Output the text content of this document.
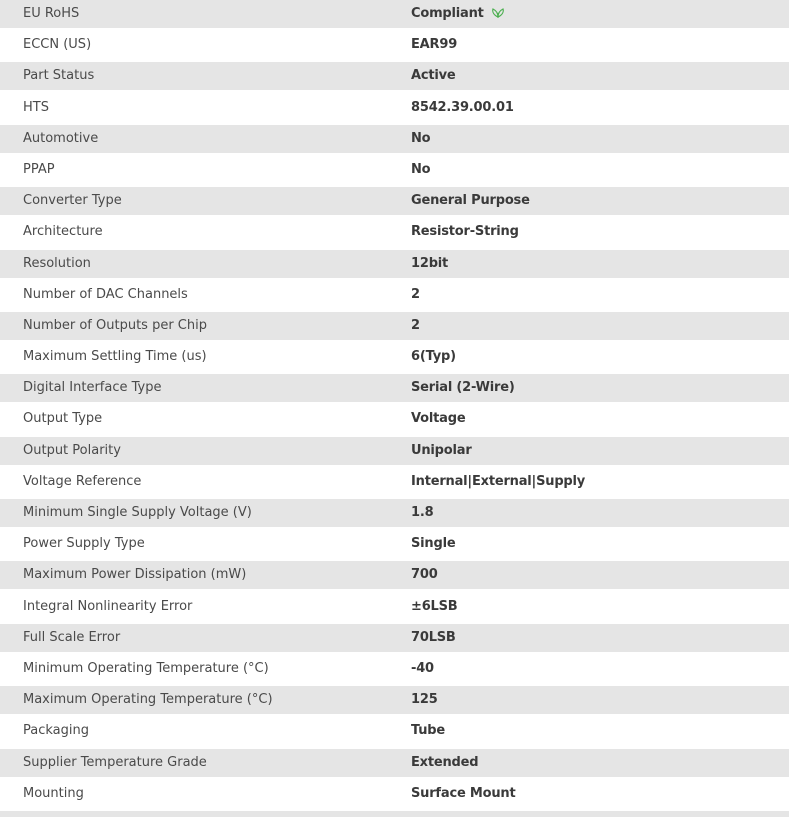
EU RoHS	Compliant
ECCN (US)	EAR99
Part Status	Active
HTS	8542.39.00.01
Automotive	No
PPAP	No
Converter Type	General Purpose
Architecture	Resistor-String
Resolution	12bit
Number of DAC Channels	2
Number of Outputs per Chip	2
Maximum Settling Time (us)	6(Typ)
Digital Interface Type	Serial (2-Wire)
Output Type	Voltage
Output Polarity	Unipolar
Voltage Reference	Internal|External|Supply
Minimum Single Supply Voltage (V)	1.8
Power Supply Type	Single
Maximum Power Dissipation (mW)	700
Integral Nonlinearity Error	±6LSB
Full Scale Error	70LSB
Minimum Operating Temperature (°C)	-40
Maximum Operating Temperature (°C)	125
Packaging	Tube
Supplier Temperature Grade	Extended
Mounting	Surface Mount
